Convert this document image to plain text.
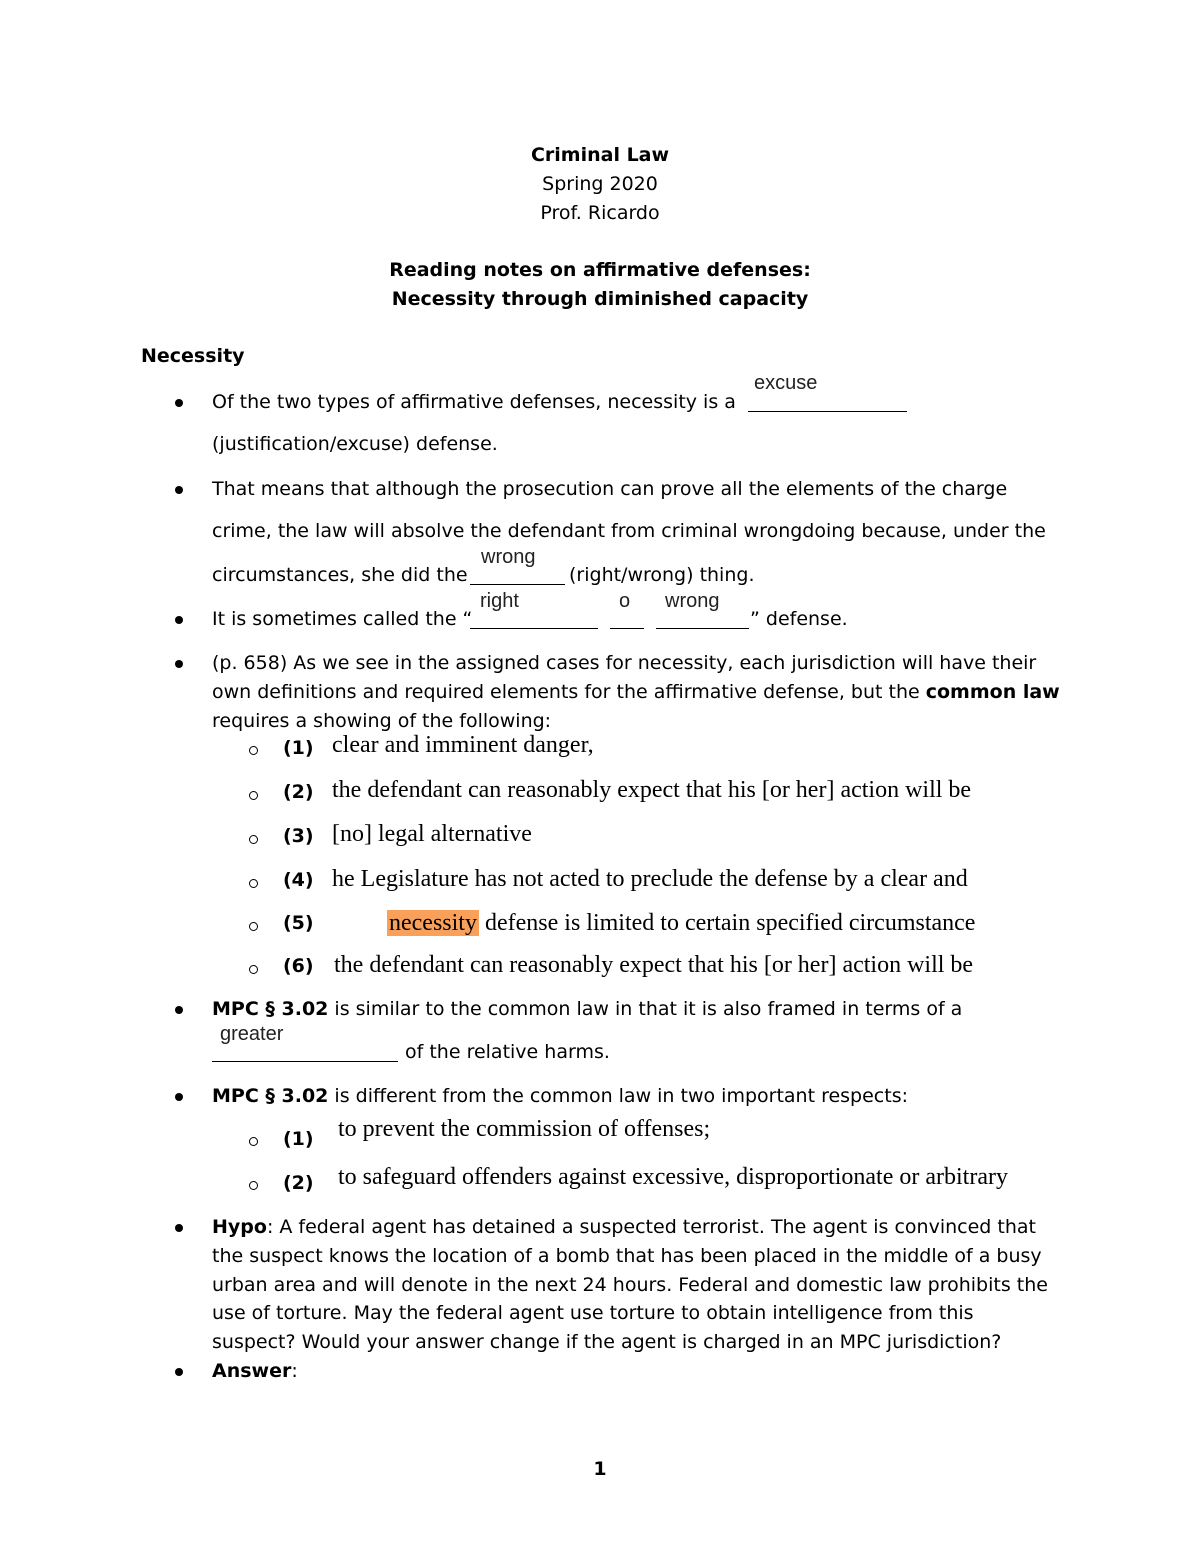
Criminal Law
Spring 2020
Prof. Ricardo
Reading notes on affirmative defenses:
Necessity through diminished capacity
Necessity
Of the two types of affirmative defenses, necessity is a
excuse
(justification/excuse) defense.
That means that although the prosecution can prove all the elements of the charge
crime, the law will absolve the defendant from criminal wrongdoing because, under the
circumstances, she did the
wrong
(right/wrong) thing.
It is sometimes called the “
right	o wrong
” defense.
(p. 658) As we see in the assigned cases for necessity, each jurisdiction will have their
own definitions and required elements for the affirmative defense, but the common law
requires a showing of the following:
(1) clear and imminent danger,
(2) the defendant can reasonably expect that his [or her] action will be
(3) [no] legal alternative
(4) he Legislature has not acted to preclude the defense by a clear and
(5)	necessity defense is limited to certain specified circumstance
(6) the defendant can reasonably expect that his [or her] action will be
MPC § 3.02 is similar to the common law in that it is also framed in terms of a
greater
of the relative harms.
MPC § 3.02 is different from the common law in two important respects:
(1) to prevent the commission of offenses;
(2) to safeguard offenders against excessive, disproportionate or arbitrary
Hypo: A federal agent has detained a suspected terrorist. The agent is convinced that
the suspect knows the location of a bomb that has been placed in the middle of a busy
urban area and will denote in the next 24 hours. Federal and domestic law prohibits the
use of torture. May the federal agent use torture to obtain intelligence from this
suspect? Would your answer change if the agent is charged in an MPC jurisdiction?
Answer:
1
